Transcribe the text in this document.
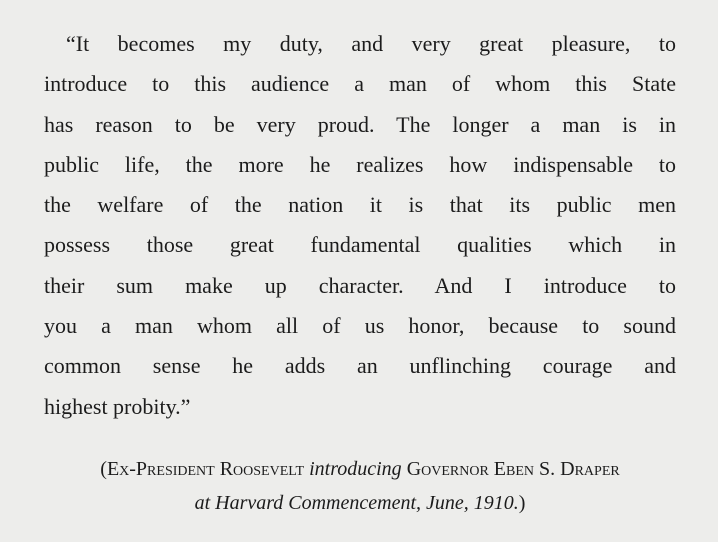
“It becomes my duty, and very great pleasure, to
introduce to this audience a man of whom this State
has reason to be very proud. The longer a man is in
public life, the more he realizes how indispensable to
the welfare of the nation it is that its public men
possess those great fundamental qualities which in
their sum make up character. And I introduce to
you a man whom all of us honor, because to sound
common sense he adds an unflinching courage and
highest probity.”
(Ex-President Roosevelt introducing Governor Eben S. Draper
at Harvard Commencement, June, 1910.)
